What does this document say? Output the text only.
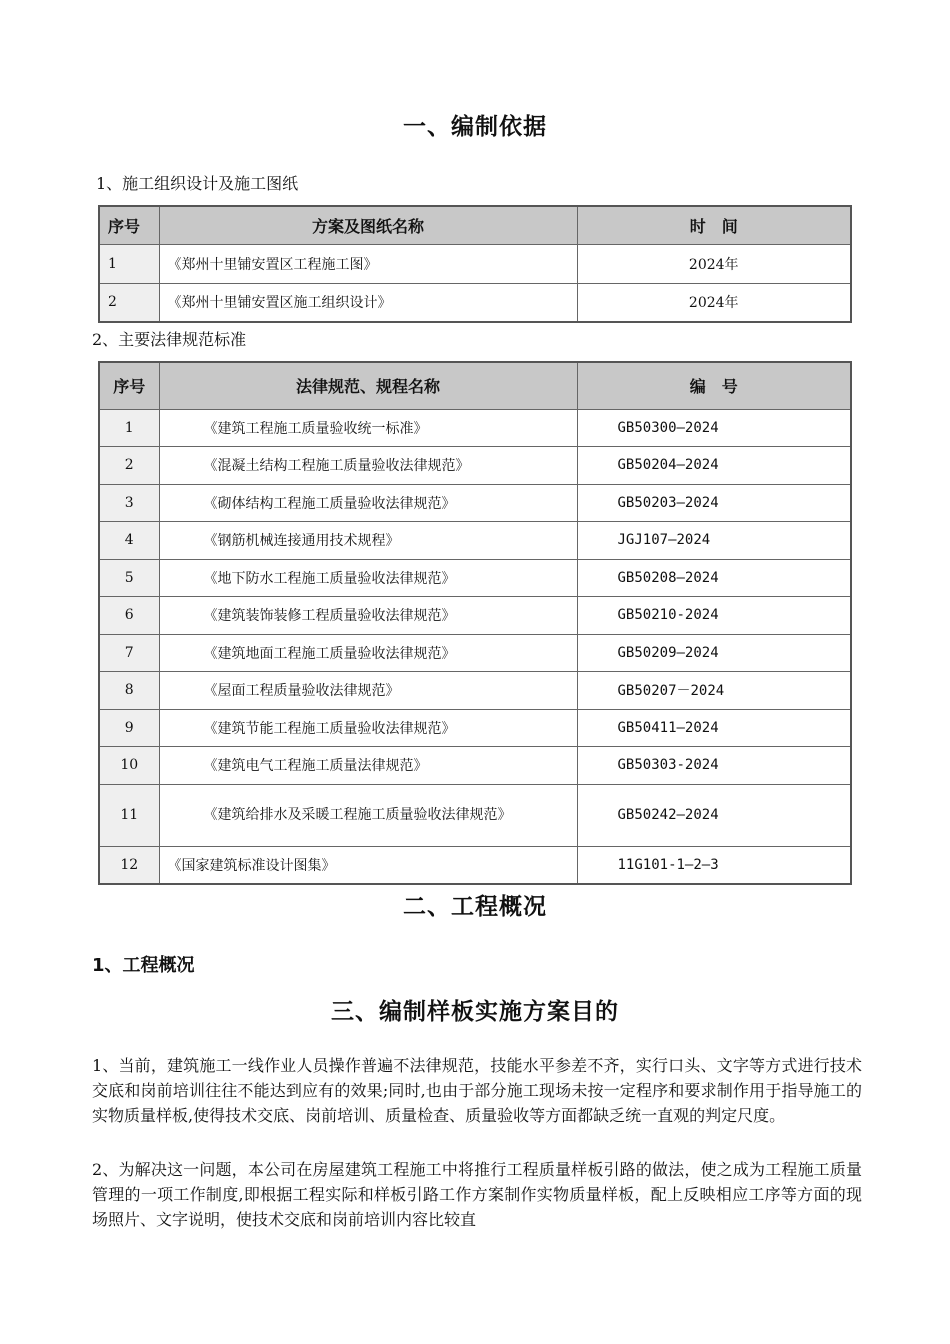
一、编制依据
1、施工组织设计及施工图纸
序号	方案及图纸名称	时　间
1	《郑州十里铺安置区工程施工图》	2024年
2	《郑州十里铺安置区施工组织设计》	2024年
2、主要法律规范标准
序号	法律规范、规程名称	编　号
1	《建筑工程施工质量验收统一标准》	GB50300—2024
2	《混凝土结构工程施工质量验收法律规范》	GB50204—2024
3	《砌体结构工程施工质量验收法律规范》	GB50203—2024
4	《钢筋机械连接通用技术规程》	JGJ107—2024
5	《地下防水工程施工质量验收法律规范》	GB50208—2024
6	《建筑装饰装修工程质量验收法律规范》	GB50210-2024
7	《建筑地面工程施工质量验收法律规范》	GB50209—2024
8	《屋面工程质量验收法律规范》	GB50207－2024
9	《建筑节能工程施工质量验收法律规范》	GB50411—2024
10	《建筑电气工程施工质量法律规范》	GB50303-2024
11	《建筑给排水及采暖工程施工质量验收法律规范》	GB50242—2024
12	《国家建筑标准设计图集》	11G101-1—2—3
二、工程概况
1、工程概况
三、编制样板实施方案目的
1、当前，建筑施工一线作业人员操作普遍不法律规范，技能水平参差不齐，实行口头、文字等方式进行技术交底和岗前培训往往不能达到应有的效果;同时,也由于部分施工现场未按一定程序和要求制作用于指导施工的实物质量样板,使得技术交底、岗前培训、质量检查、质量验收等方面都缺乏统一直观的判定尺度。
2、为解决这一问题，本公司在房屋建筑工程施工中将推行工程质量样板引路的做法，使之成为工程施工质量管理的一项工作制度,即根据工程实际和样板引路工作方案制作实物质量样板，配上反映相应工序等方面的现场照片、文字说明，使技术交底和岗前培训内容比较直
